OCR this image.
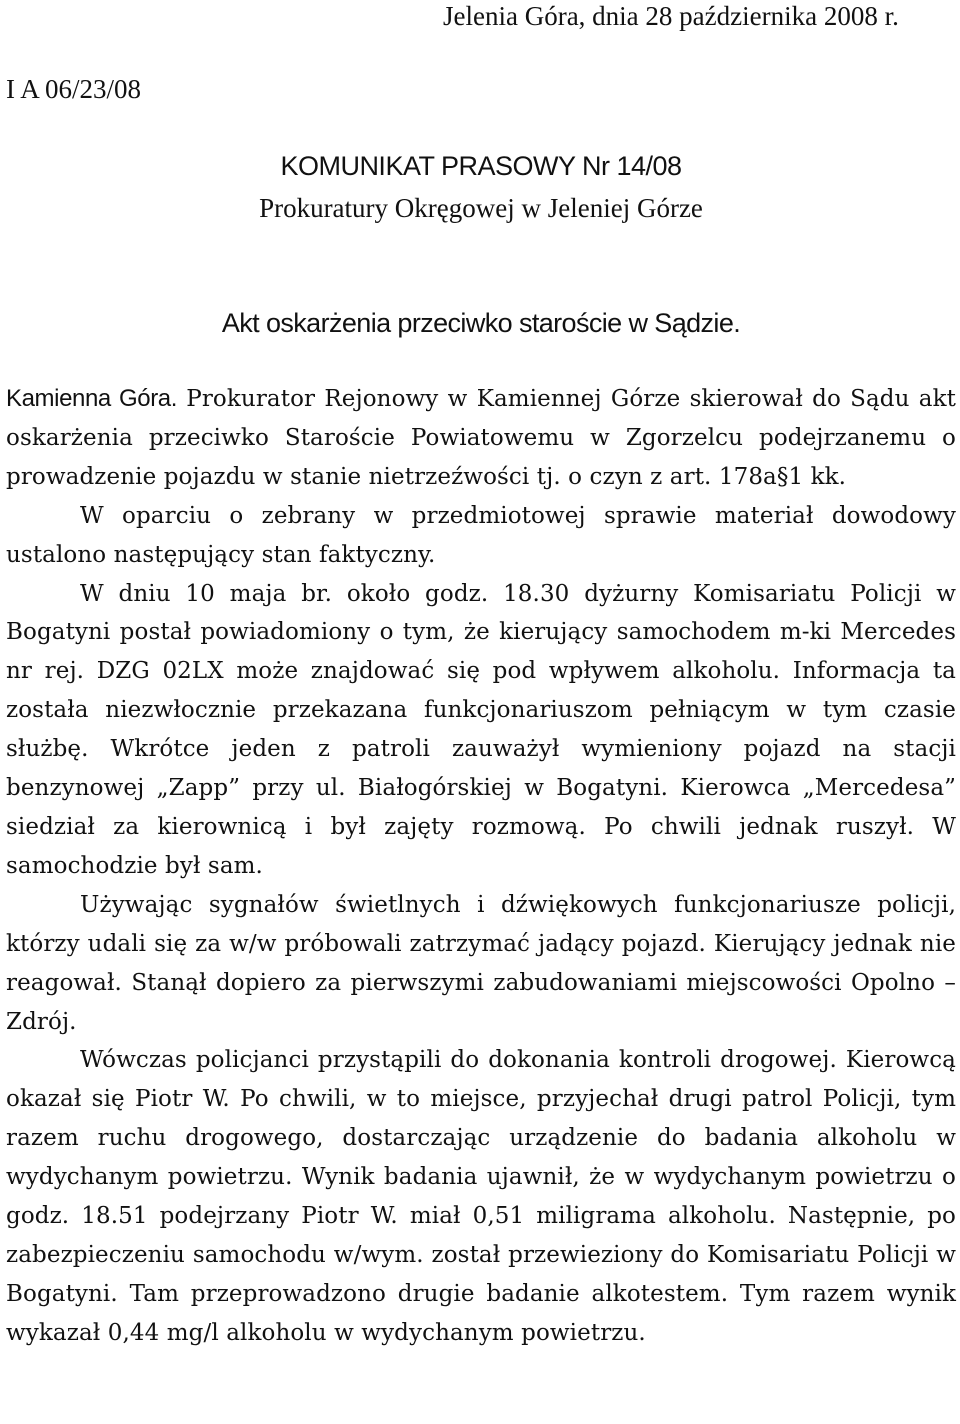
Jelenia Góra, dnia 28 października 2008 r.
I A 06/23/08
KOMUNIKAT PRASOWY Nr 14/08
Prokuratury Okręgowej w Jeleniej Górze
Akt oskarżenia przeciwko staroście w Sądzie.

Kamienna Góra. Prokurator Rejonowy w Kamiennej Górze skierował do Sądu akt oskarżenia przeciwko Staroście Powiatowemu w Zgorzelcu podejrzanemu o prowadzenie pojazdu w stanie nietrzeźwości tj. o czyn z art. 178a§1 kk.

W oparciu o zebrany w przedmiotowej sprawie materiał dowodowy ustalono następujący stan faktyczny.

W dniu 10 maja br. około godz. 18.30 dyżurny Komisariatu Policji w Bogatyni postał powiadomiony o tym, że kierujący samochodem m-ki Mercedes nr rej. DZG 02LX może znajdować się pod wpływem alkoholu. Informacja ta została niezwłocznie przekazana funkcjonariuszom pełniącym w tym czasie służbę. Wkrótce jeden z patroli zauważył wymieniony pojazd na stacji benzynowej „Zapp” przy ul. Białogórskiej w Bogatyni. Kierowca „Mercedesa” siedział za kierownicą i był zajęty rozmową. Po chwili jednak ruszył. W samochodzie był sam.

Używając sygnałów świetlnych i dźwiękowych funkcjonariusze policji, którzy udali się za w/w próbowali zatrzymać jadący pojazd. Kierujący jednak nie reagował. Stanął dopiero za pierwszymi zabudowaniami miejscowości Opolno – Zdrój.

Wówczas policjanci przystąpili do dokonania kontroli drogowej. Kierowcą okazał się Piotr W. Po chwili, w to miejsce, przyjechał drugi patrol Policji, tym razem ruchu drogowego, dostarczając urządzenie do badania alkoholu w wydychanym powietrzu. Wynik badania ujawnił, że w wydychanym powietrzu o godz. 18.51 podejrzany Piotr W. miał 0,51 miligrama alkoholu. Następnie, po zabezpieczeniu samochodu w/wym. został przewieziony do Komisariatu Policji w Bogatyni. Tam przeprowadzono drugie badanie alkotestem. Tym razem wynik wykazał 0,44 mg/l alkoholu w wydychanym powietrzu.
